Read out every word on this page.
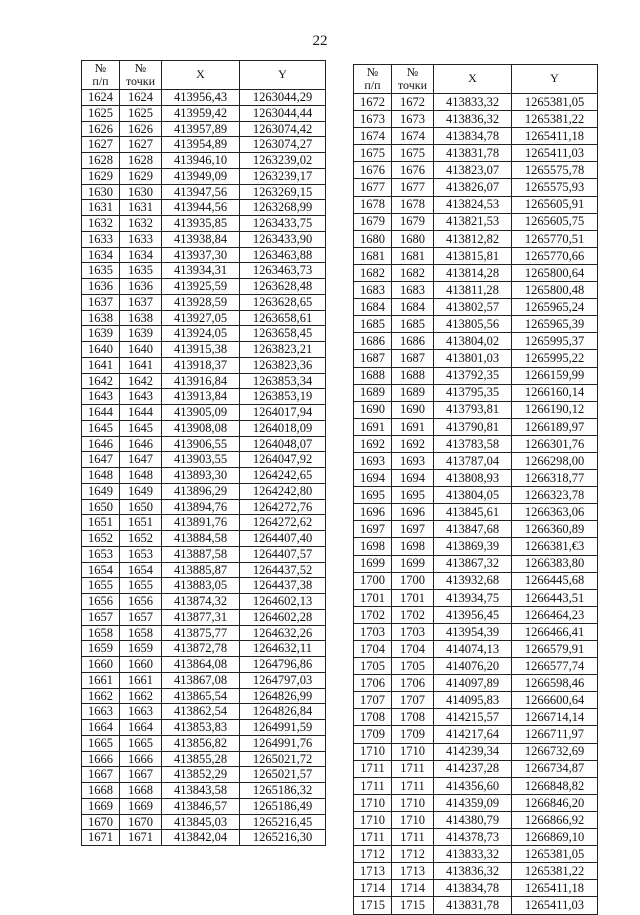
22
№
п/п	№
точки	X	Y
1624	1624	413956,43	1263044,29
1625	1625	413959,42	1263044,44
1626	1626	413957,89	1263074,42
1627	1627	413954,89	1263074,27
1628	1628	413946,10	1263239,02
1629	1629	413949,09	1263239,17
1630	1630	413947,56	1263269,15
1631	1631	413944,56	1263268,99
1632	1632	413935,85	1263433,75
1633	1633	413938,84	1263433,90
1634	1634	413937,30	1263463,88
1635	1635	413934,31	1263463,73
1636	1636	413925,59	1263628,48
1637	1637	413928,59	1263628,65
1638	1638	413927,05	1263658,61
1639	1639	413924,05	1263658,45
1640	1640	413915,38	1263823,21
1641	1641	413918,37	1263823,36
1642	1642	413916,84	1263853,34
1643	1643	413913,84	1263853,19
1644	1644	413905,09	1264017,94
1645	1645	413908,08	1264018,09
1646	1646	413906,55	1264048,07
1647	1647	413903,55	1264047,92
1648	1648	413893,30	1264242,65
1649	1649	413896,29	1264242,80
1650	1650	413894,76	1264272,76
1651	1651	413891,76	1264272,62
1652	1652	413884,58	1264407,40
1653	1653	413887,58	1264407,57
1654	1654	413885,87	1264437,52
1655	1655	413883,05	1264437,38
1656	1656	413874,32	1264602,13
1657	1657	413877,31	1264602,28
1658	1658	413875,77	1264632,26
1659	1659	413872,78	1264632,11
1660	1660	413864,08	1264796,86
1661	1661	413867,08	1264797,03
1662	1662	413865,54	1264826,99
1663	1663	413862,54	1264826,84
1664	1664	413853,83	1264991,59
1665	1665	413856,82	1264991,76
1666	1666	413855,28	1265021,72
1667	1667	413852,29	1265021,57
1668	1668	413843,58	1265186,32
1669	1669	413846,57	1265186,49
1670	1670	413845,03	1265216,45
1671	1671	413842,04	1265216,30
№
п/п	№
точки	X	Y
1672	1672	413833,32	1265381,05
1673	1673	413836,32	1265381,22
1674	1674	413834,78	1265411,18
1675	1675	413831,78	1265411,03
1676	1676	413823,07	1265575,78
1677	1677	413826,07	1265575,93
1678	1678	413824,53	1265605,91
1679	1679	413821,53	1265605,75
1680	1680	413812,82	1265770,51
1681	1681	413815,81	1265770,66
1682	1682	413814,28	1265800,64
1683	1683	413811,28	1265800,48
1684	1684	413802,57	1265965,24
1685	1685	413805,56	1265965,39
1686	1686	413804,02	1265995,37
1687	1687	413801,03	1265995,22
1688	1688	413792,35	1266159,99
1689	1689	413795,35	1266160,14
1690	1690	413793,81	1266190,12
1691	1691	413790,81	1266189,97
1692	1692	413783,58	1266301,76
1693	1693	413787,04	1266298,00
1694	1694	413808,93	1266318,77
1695	1695	413804,05	1266323,78
1696	1696	413845,61	1266363,06
1697	1697	413847,68	1266360,89
1698	1698	413869,39	1266381,€3
1699	1699	413867,32	1266383,80
1700	1700	413932,68	1266445,68
1701	1701	413934,75	1266443,51
1702	1702	413956,45	1266464,23
1703	1703	413954,39	1266466,41
1704	1704	414074,13	1266579,91
1705	1705	414076,20	1266577,74
1706	1706	414097,89	1266598,46
1707	1707	414095,83	1266600,64
1708	1708	414215,57	1266714,14
1709	1709	414217,64	1266711,97
1710	1710	414239,34	1266732,69
1711	1711	414237,28	1266734,87
1711	1711	414356,60	1266848,82
1710	1710	414359,09	1266846,20
1710	1710	414380,79	1266866,92
1711	1711	414378,73	1266869,10
1712	1712	413833,32	1265381,05
1713	1713	413836,32	1265381,22
1714	1714	413834,78	1265411,18
1715	1715	413831,78	1265411,03
